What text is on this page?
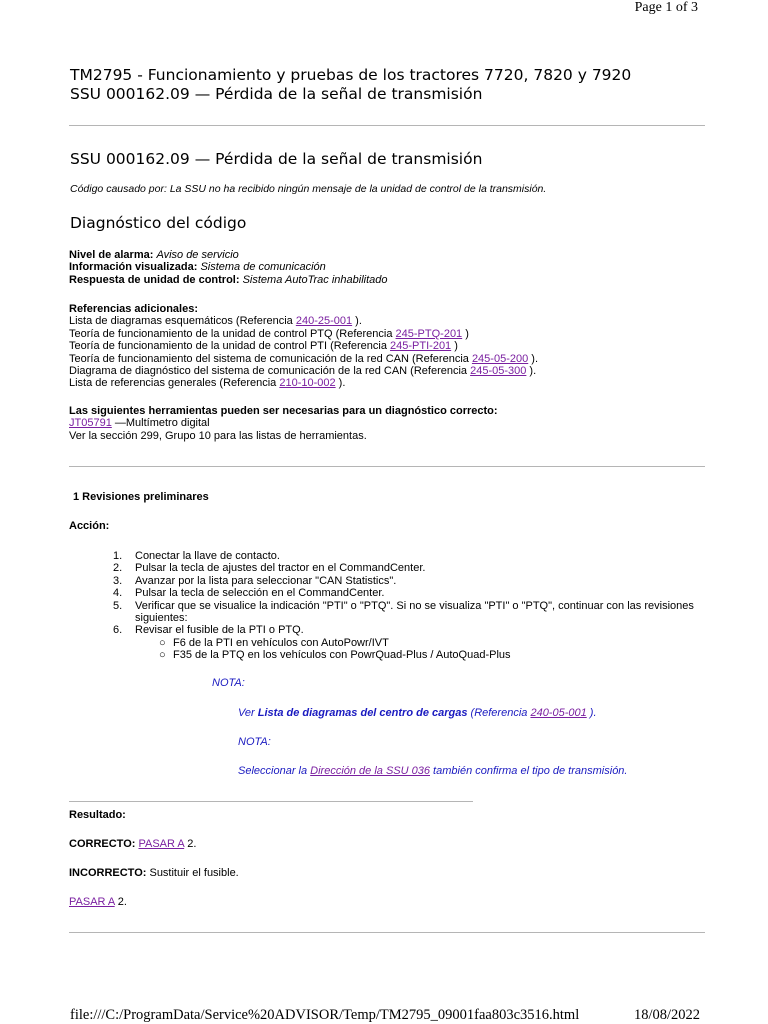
Page 1 of 3
TM2795 - Funcionamiento y pruebas de los tractores 7720, 7820 y 7920
SSU 000162.09 — Pérdida de la señal de transmisión
SSU 000162.09 — Pérdida de la señal de transmisión
Código causado por: La SSU no ha recibido ningún mensaje de la unidad de control de la transmisión.
Diagnóstico del código
Nivel de alarma: Aviso de servicio
Información visualizada: Sistema de comunicación
Respuesta de unidad de control: Sistema AutoTrac inhabilitado
Referencias adicionales:
Lista de diagramas esquemáticos (Referencia 240-25-001 ).
Teoría de funcionamiento de la unidad de control PTQ (Referencia 245-PTQ-201 )
Teoría de funcionamiento de la unidad de control PTI (Referencia 245-PTI-201 )
Teoría de funcionamiento del sistema de comunicación de la red CAN (Referencia 245-05-200 ).
Diagrama de diagnóstico del sistema de comunicación de la red CAN (Referencia 245-05-300 ).
Lista de referencias generales (Referencia 210-10-002 ).
Las siguientes herramientas pueden ser necesarias para un diagnóstico correcto:
JT05791 —Multímetro digital
Ver la sección 299, Grupo 10 para las listas de herramientas.
1 Revisiones preliminares
Acción:
1. Conectar la llave de contacto.
2. Pulsar la tecla de ajustes del tractor en el CommandCenter.
3. Avanzar por la lista para seleccionar "CAN Statistics".
4. Pulsar la tecla de selección en el CommandCenter.
5. Verificar que se visualice la indicación "PTI" o "PTQ". Si no se visualiza "PTI" o "PTQ", continuar con las revisiones siguientes:
6. Revisar el fusible de la PTI o PTQ.
○ F6 de la PTI en vehículos con AutoPowr/IVT
○ F35 de la PTQ en los vehículos con PowrQuad-Plus / AutoQuad-Plus
NOTA:
Ver Lista de diagramas del centro de cargas (Referencia 240-05-001 ).
NOTA:
Seleccionar la Dirección de la SSU 036 también confirma el tipo de transmisión.
Resultado:
CORRECTO: PASAR A 2.
INCORRECTO: Sustituir el fusible.
PASAR A 2.
file:///C:/ProgramData/Service%20ADVISOR/Temp/TM2795_09001faa803c3516.html	18/08/2022
